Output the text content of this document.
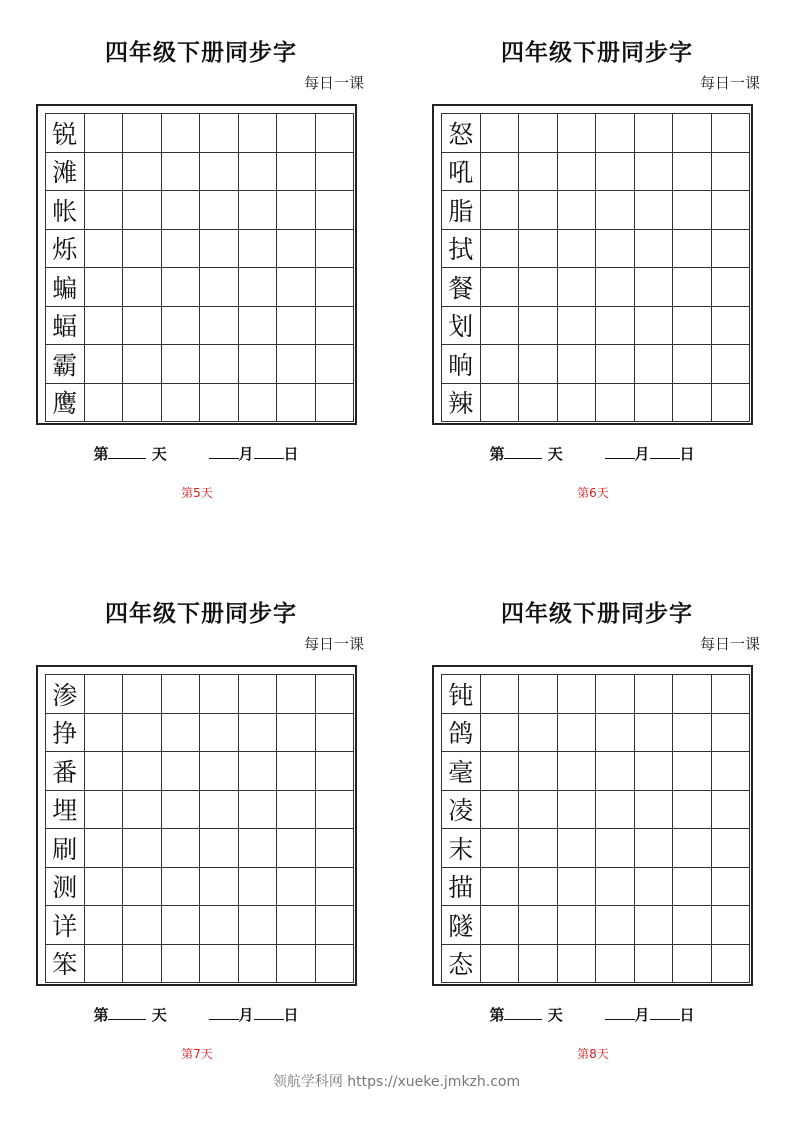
四年级下册同步字
每日一课
锐
滩
帐
烁
蝙
蝠
霸
鹰
第	天	月 日
第5天
四年级下册同步字
每日一课
怒
吼
脂
拭
餐
划
晌
辣
第	天	月 日
第6天
四年级下册同步字
每日一课
渗
挣
番
埋
刷
测
详
笨
第	天	月 日
第7天
四年级下册同步字
每日一课
钝
鸽
毫
凌
末
描
隧
态
第	天	月 日
第8天
领航学科网 https://xueke.jmkzh.com
